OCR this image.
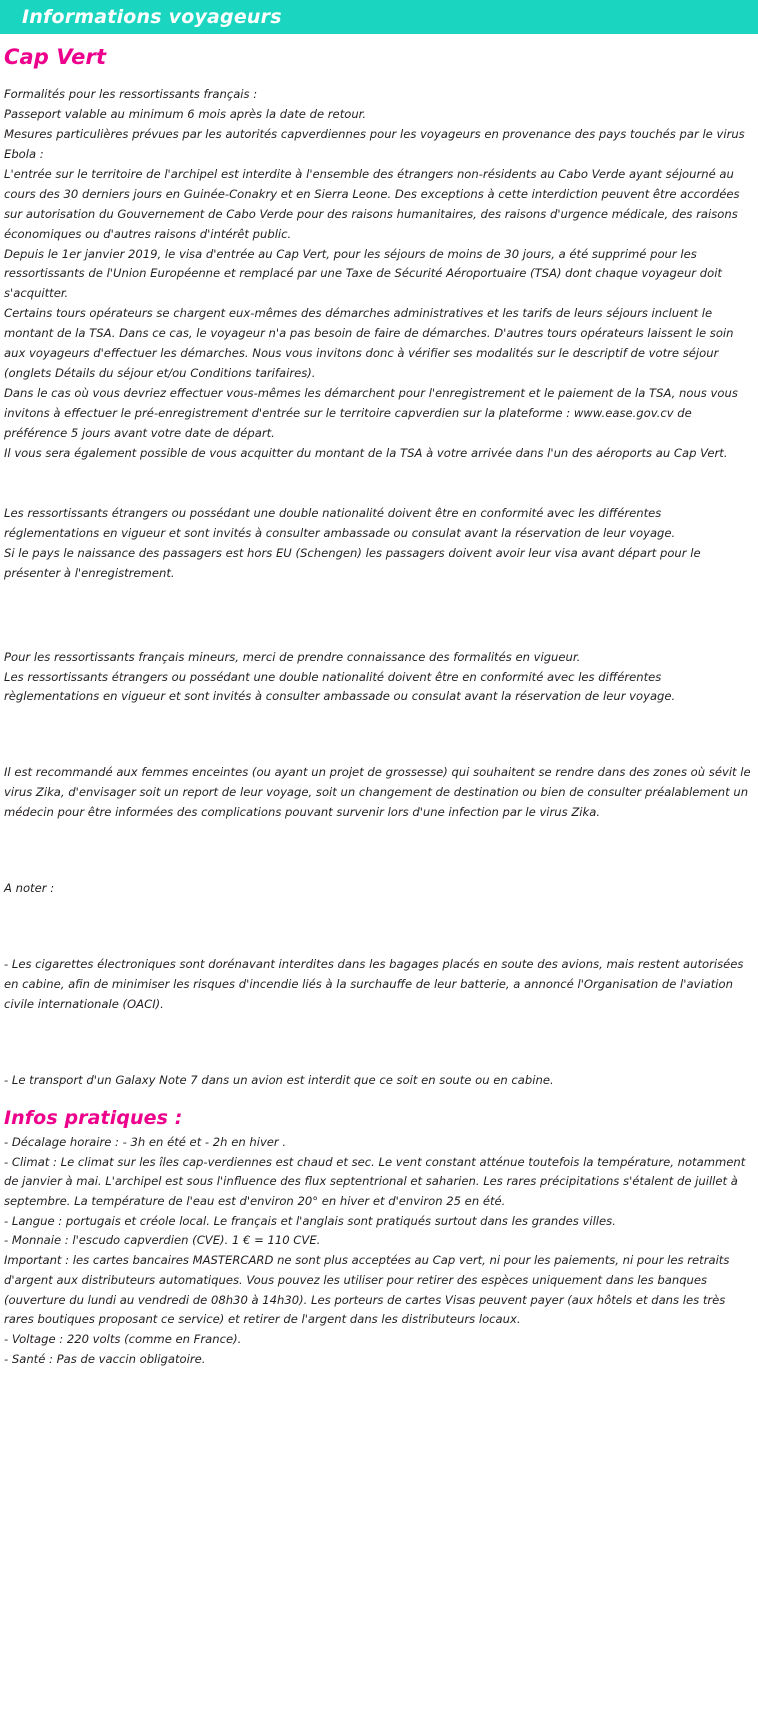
Informations voyageurs
Cap Vert

Formalités pour les ressortissants français :

Passeport valable au minimum 6 mois après la date de retour.

Mesures particulières prévues par les autorités capverdiennes pour les voyageurs en provenance des pays touchés par le virus Ebola :

L'entrée sur le territoire de l'archipel est interdite à l'ensemble des étrangers non-résidents au Cabo Verde ayant séjourné au cours des 30 derniers jours en Guinée-Conakry et en Sierra Leone. Des exceptions à cette interdiction peuvent être accordées sur autorisation du Gouvernement de Cabo Verde pour des raisons humanitaires, des raisons d'urgence médicale, des raisons économiques ou d'autres raisons d'intérêt public.

Depuis le 1er janvier 2019, le visa d'entrée au Cap Vert, pour les séjours de moins de 30 jours, a été supprimé pour les ressortissants de l'Union Européenne et remplacé par une Taxe de Sécurité Aéroportuaire (TSA) dont chaque voyageur doit s'acquitter.

Certains tours opérateurs se chargent eux-mêmes des démarches administratives et les tarifs de leurs séjours incluent le montant de la TSA. Dans ce cas, le voyageur n'a pas besoin de faire de démarches. D'autres tours opérateurs laissent le soin aux voyageurs d'effectuer les démarches. Nous vous invitons donc à vérifier ses modalités sur le descriptif de votre séjour (onglets Détails du séjour et/ou Conditions tarifaires).

Dans le cas où vous devriez effectuer vous-mêmes les démarchent pour l'enregistrement et le paiement de la TSA, nous vous invitons à effectuer le pré-enregistrement d'entrée sur le territoire capverdien sur la plateforme : www.ease.gov.cv de préférence 5 jours avant votre date de départ.

Il vous sera également possible de vous acquitter du montant de la TSA à votre arrivée dans l'un des aéroports au Cap Vert.

Les ressortissants étrangers ou possédant une double nationalité doivent être en conformité avec les différentes réglementations en vigueur et sont invités à consulter ambassade ou consulat avant la réservation de leur voyage.

Si le pays le naissance des passagers est hors EU (Schengen) les passagers doivent avoir leur visa avant départ pour le présenter à l'enregistrement.

Pour les ressortissants français mineurs, merci de prendre connaissance des formalités en vigueur.

Les ressortissants étrangers ou possédant une double nationalité doivent être en conformité avec les différentes règlementations en vigueur et sont invités à consulter ambassade ou consulat avant la réservation de leur voyage.

Il est recommandé aux femmes enceintes (ou ayant un projet de grossesse) qui souhaitent se rendre dans des zones où sévit le virus Zika, d'envisager soit un report de leur voyage, soit un changement de destination ou bien de consulter préalablement un médecin pour être informées des complications pouvant survenir lors d'une infection par le virus Zika.

A noter :

- Les cigarettes électroniques sont dorénavant interdites dans les bagages placés en soute des avions, mais restent autorisées en cabine, afin de minimiser les risques d'incendie liés à la surchauffe de leur batterie, a annoncé l'Organisation de l'aviation civile internationale (OACI).

- Le transport d'un Galaxy Note 7 dans un avion est interdit que ce soit en soute ou en cabine.

Infos pratiques :

- Décalage horaire : - 3h en été et - 2h en hiver .

- Climat : Le climat sur les îles cap-verdiennes est chaud et sec. Le vent constant atténue toutefois la température, notamment de janvier à mai. L'archipel est sous l'influence des flux septentrional et saharien. Les rares précipitations s'étalent de juillet à septembre. La température de l'eau est d'environ 20° en hiver et d'environ 25 en été.

- Langue : portugais et créole local. Le français et l'anglais sont pratiqués surtout dans les grandes villes.

- Monnaie : l'escudo capverdien (CVE). 1 € = 110 CVE.

Important : les cartes bancaires MASTERCARD ne sont plus acceptées au Cap vert, ni pour les paiements, ni pour les retraits d'argent aux distributeurs automatiques. Vous pouvez les utiliser pour retirer des espèces uniquement dans les banques (ouverture du lundi au vendredi de 08h30 à 14h30). Les porteurs de cartes Visas peuvent payer (aux hôtels et dans les très rares boutiques proposant ce service) et retirer de l'argent dans les distributeurs locaux.

- Voltage : 220 volts (comme en France).

- Santé : Pas de vaccin obligatoire.
